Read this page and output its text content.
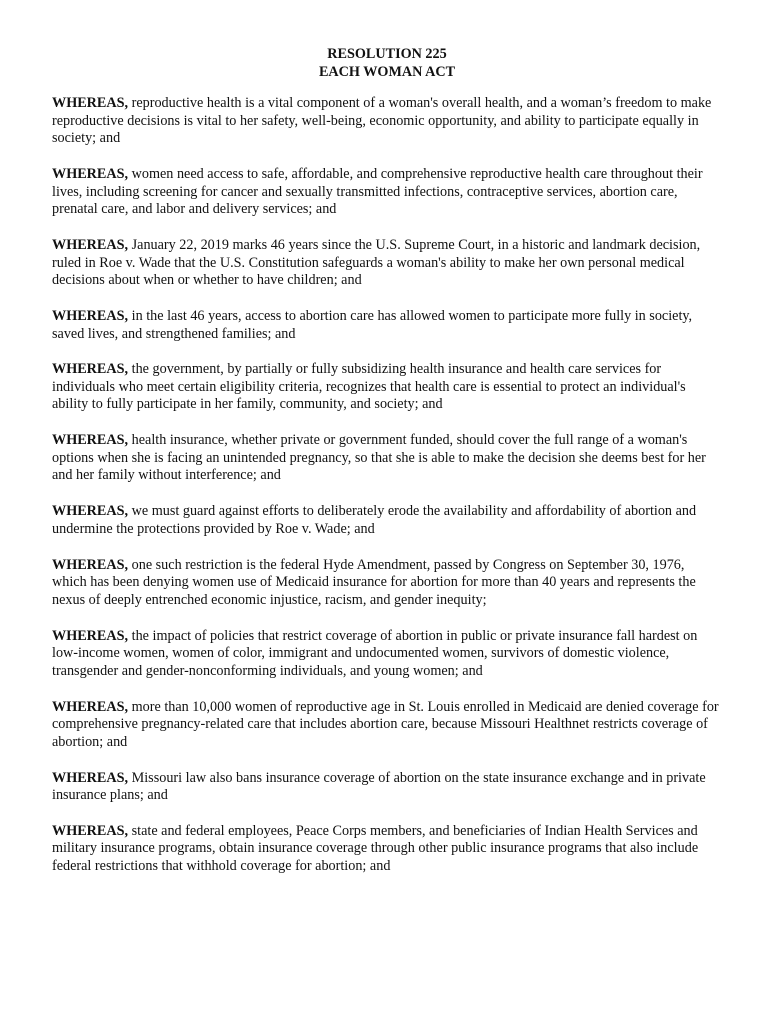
RESOLUTION 225
EACH WOMAN ACT

WHEREAS, reproductive health is a vital component of a woman's overall health, and a woman’s freedom to make reproductive decisions is vital to her safety, well-being, economic opportunity, and ability to participate equally in society; and

WHEREAS, women need access to safe, affordable, and comprehensive reproductive health care throughout their lives, including screening for cancer and sexually transmitted infections, contraceptive services, abortion care, prenatal care, and labor and delivery services; and

WHEREAS, January 22, 2019 marks 46 years since the U.S. Supreme Court, in a historic and landmark decision, ruled in Roe v. Wade that the U.S. Constitution safeguards a woman's ability to make her own personal medical decisions about when or whether to have children; and

WHEREAS, in the last 46 years, access to abortion care has allowed women to participate more fully in society, saved lives, and strengthened families; and

WHEREAS, the government, by partially or fully subsidizing health insurance and health care services for individuals who meet certain eligibility criteria, recognizes that health care is essential to protect an individual's ability to fully participate in her family, community, and society; and

WHEREAS, health insurance, whether private or government funded, should cover the full range of a woman's options when she is facing an unintended pregnancy, so that she is able to make the decision she deems best for her and her family without interference; and

WHEREAS, we must guard against efforts to deliberately erode the availability and affordability of abortion and undermine the protections provided by Roe v. Wade; and

WHEREAS, one such restriction is the federal Hyde Amendment, passed by Congress on September 30, 1976, which has been denying women use of Medicaid insurance for abortion for more than 40 years and represents the nexus of deeply entrenched economic injustice, racism, and gender inequity;

WHEREAS, the impact of policies that restrict coverage of abortion in public or private insurance fall hardest on low-income women, women of color, immigrant and undocumented women, survivors of domestic violence, transgender and gender-nonconforming individuals, and young women; and

WHEREAS, more than 10,000 women of reproductive age in St. Louis enrolled in Medicaid are denied coverage for comprehensive pregnancy-related care that includes abortion care, because Missouri Healthnet restricts coverage of abortion; and

WHEREAS, Missouri law also bans insurance coverage of abortion on the state insurance exchange and in private insurance plans; and

WHEREAS, state and federal employees, Peace Corps members, and beneficiaries of Indian Health Services and military insurance programs, obtain insurance coverage through other public insurance programs that also include federal restrictions that withhold coverage for abortion; and
